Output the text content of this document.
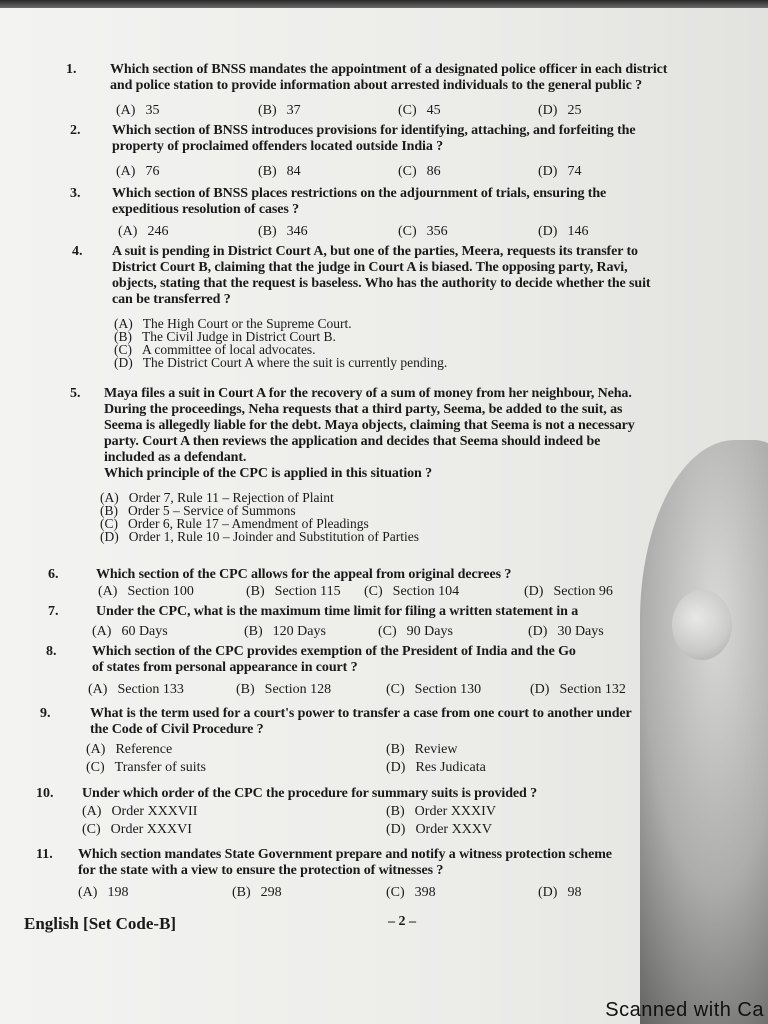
1. Which section of BNSS mandates the appointment of a designated police officer in each district
and police station to provide information about arrested individuals to the general public ?
(A) 35	(B) 37	(C) 45	(D) 25
2. Which section of BNSS introduces provisions for identifying, attaching, and forfeiting the
property of proclaimed offenders located outside India ?
(A) 76	(B) 84	(C) 86	(D) 74
3. Which section of BNSS places restrictions on the adjournment of trials, ensuring the
expeditious resolution of cases ?
(A) 246	(B) 346	(C) 356	(D) 146
4. A suit is pending in District Court A, but one of the parties, Meera, requests its transfer to
District Court B, claiming that the judge in Court A is biased. The opposing party, Ravi,
objects, stating that the request is baseless. Who has the authority to decide whether the suit
can be transferred ?
(A) The High Court or the Supreme Court.
(B) The Civil Judge in District Court B.
(C) A committee of local advocates.
(D) The District Court A where the suit is currently pending.
5. Maya files a suit in Court A for the recovery of a sum of money from her neighbour, Neha.
During the proceedings, Neha requests that a third party, Seema, be added to the suit, as
Seema is allegedly liable for the debt. Maya objects, claiming that Seema is not a necessary
party. Court A then reviews the application and decides that Seema should indeed be
included as a defendant.
Which principle of the CPC is applied in this situation ?
(A) Order 7, Rule 11 – Rejection of Plaint
(B) Order 5 – Service of Summons
(C) Order 6, Rule 17 – Amendment of Pleadings
(D) Order 1, Rule 10 – Joinder and Substitution of Parties
6.	Which section of the CPC allows for the appeal from original decrees ?
(A) Section 100	(B) Section 115 (C) Section 104	(D) Section 96
7.	Under the CPC, what is the maximum time limit for filing a written statement in a
(A) 60 Days	(B) 120 Days	(C) 90 Days	(D) 30 Days
8.	Which section of the CPC provides exemption of the President of India and the Go
of states from personal appearance in court ?
(A) Section 133	(B) Section 128	(C) Section 130	(D) Section 132
9.	What is the term used for a court's power to transfer a case from one court to another under
the Code of Civil Procedure ?
(A) Reference	(B) Review
(C) Transfer of suits	(D) Res Judicata
10. Under which order of the CPC the procedure for summary suits is provided ?
(A) Order XXXVII	(B) Order XXXIV
(C) Order XXXVI	(D) Order XXXV
11. Which section mandates State Government prepare and notify a witness protection scheme
for the state with a view to ensure the protection of witnesses ?
(A) 198	(B) 298	(C) 398	(D) 98
English [Set Code-B]	– 2 –
Scanned with Ca
